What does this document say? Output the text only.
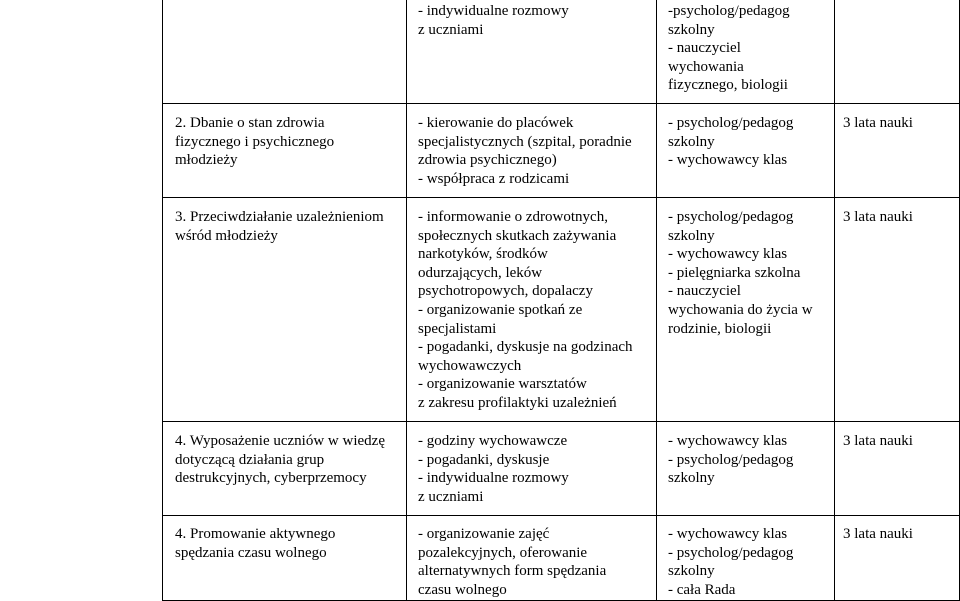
- indywidualne rozmowy
z uczniami
-psycholog/pedagog
szkolny
- nauczyciel
wychowania
fizycznego, biologii
2. Dbanie o stan zdrowia
fizycznego i psychicznego
młodzieży
- kierowanie do placówek
specjalistycznych (szpital, poradnie
zdrowia psychicznego)
- współpraca z rodzicami
- psycholog/pedagog
szkolny
- wychowawcy klas
3 lata nauki
3. Przeciwdziałanie uzależnieniom
wśród młodzieży
- informowanie o zdrowotnych,
społecznych skutkach zażywania
narkotyków, środków
odurzających, leków
psychotropowych, dopalaczy
- organizowanie spotkań ze
specjalistami
- pogadanki, dyskusje na godzinach
wychowawczych
- organizowanie warsztatów
z zakresu profilaktyki uzależnień
- psycholog/pedagog
szkolny
- wychowawcy klas
- pielęgniarka szkolna
- nauczyciel
wychowania do życia w
rodzinie, biologii
3 lata nauki
4. Wyposażenie uczniów w wiedzę
dotyczącą działania grup
destrukcyjnych, cyberprzemocy
- godziny wychowawcze
- pogadanki, dyskusje
- indywidualne rozmowy
z uczniami
- wychowawcy klas
- psycholog/pedagog
szkolny
3 lata nauki
4. Promowanie aktywnego
spędzania czasu wolnego
- organizowanie zajęć
pozalekcyjnych, oferowanie
alternatywnych form spędzania
czasu wolnego
- wychowawcy klas
- psycholog/pedagog
szkolny
- cała Rada
3 lata nauki
